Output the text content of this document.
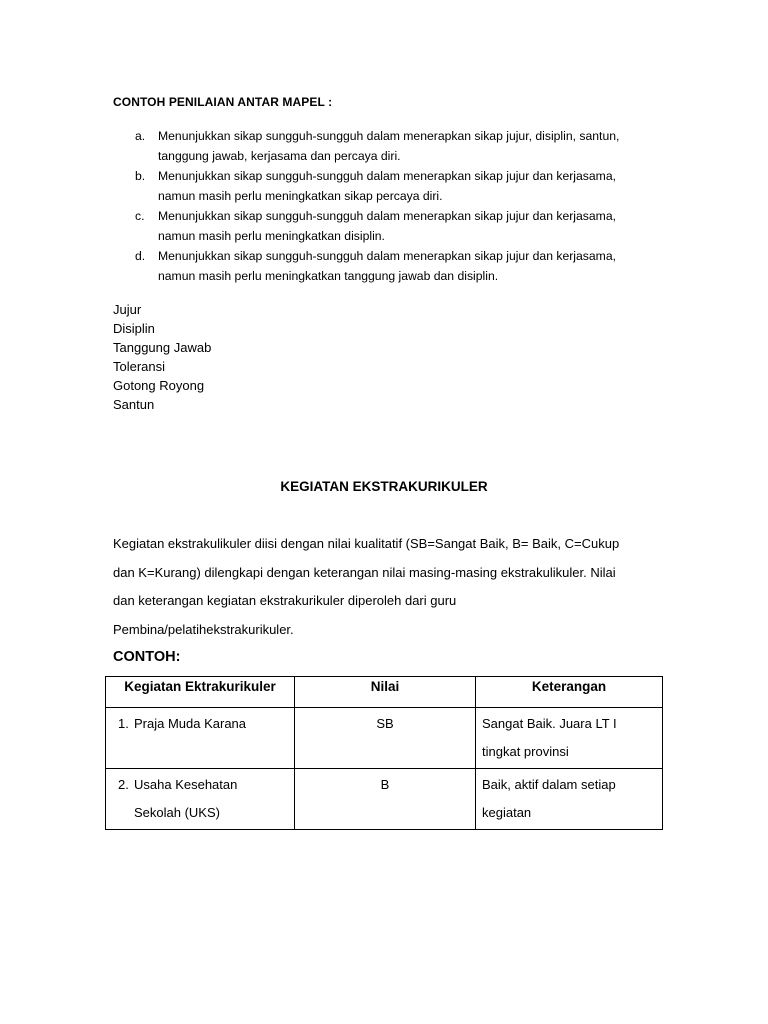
CONTOH PENILAIAN ANTAR MAPEL :
a. Menunjukkan sikap sungguh-sungguh dalam menerapkan sikap jujur, disiplin, santun,
tanggung jawab, kerjasama dan percaya diri.
b. Menunjukkan sikap sungguh-sungguh dalam menerapkan sikap jujur dan kerjasama,
namun masih perlu meningkatkan sikap percaya diri.
c. Menunjukkan sikap sungguh-sungguh dalam menerapkan sikap jujur dan kerjasama,
namun masih perlu meningkatkan disiplin.
d. Menunjukkan sikap sungguh-sungguh dalam menerapkan sikap jujur dan kerjasama,
namun masih perlu meningkatkan tanggung jawab dan disiplin.
Jujur
Disiplin
Tanggung Jawab
Toleransi
Gotong Royong
Santun
KEGIATAN EKSTRAKURIKULER
Kegiatan ekstrakulikuler diisi dengan nilai kualitatif (SB=Sangat Baik, B= Baik, C=Cukup
dan K=Kurang) dilengkapi dengan keterangan nilai masing-masing ekstrakulikuler. Nilai
dan keterangan kegiatan ekstrakurikuler diperoleh dari guru
Pembina/pelatihekstrakurikuler.
CONTOH:
Kegiatan Ektrakurikuler	Nilai	Keterangan
1. Praja Muda Karana	SB	Sangat Baik. Juara LT I
tingkat provinsi
2. Usaha Kesehatan
Sekolah (UKS)	B	Baik, aktif dalam setiap
kegiatan
